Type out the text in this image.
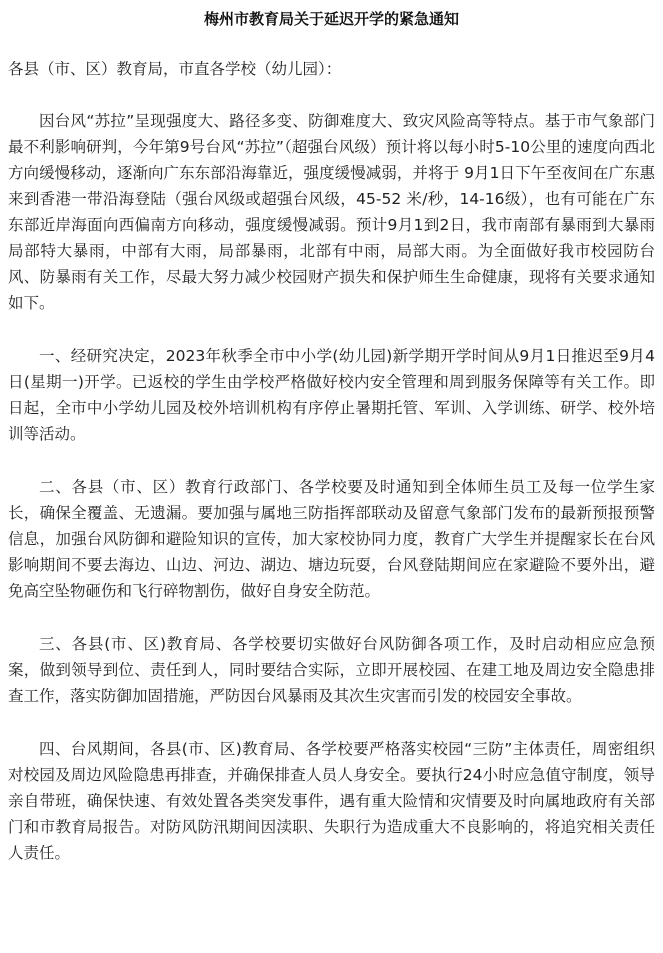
梅州市教育局关于延迟开学的紧急通知

各县（市、区）教育局，市直各学校（幼儿园）：

因台风“苏拉”呈现强度大、路径多变、防御难度大、致灾风险高等特点。基于市气象部门最不利影响研判，今年第9号台风“苏拉”（超强台风级）预计将以每小时5-10公里的速度向西北方向缓慢移动，逐渐向广东东部沿海靠近，强度缓慢减弱，并将于 9月1日下午至夜间在广东惠来到香港一带沿海登陆（强台风级或超强台风级，45-52 米/秒，14-16级），也有可能在广东东部近岸海面向西偏南方向移动，强度缓慢减弱。预计9月1到2日，我市南部有暴雨到大暴雨局部特大暴雨，中部有大雨，局部暴雨，北部有中雨，局部大雨。为全面做好我市校园防台风、防暴雨有关工作，尽最大努力减少校园财产损失和保护师生生命健康，现将有关要求通知如下。

一、经研究决定，2023年秋季全市中小学(幼儿园)新学期开学时间从9月1日推迟至9月4日(星期一)开学。已返校的学生由学校严格做好校内安全管理和周到服务保障等有关工作。即日起，全市中小学幼儿园及校外培训机构有序停止暑期托管、军训、入学训练、研学、校外培训等活动。

二、各县（市、区）教育行政部门、各学校要及时通知到全体师生员工及每一位学生家长，确保全覆盖、无遗漏。要加强与属地三防指挥部联动及留意气象部门发布的最新预报预警信息，加强台风防御和避险知识的宣传，加大家校协同力度，教育广大学生并提醒家长在台风影响期间不要去海边、山边、河边、湖边、塘边玩耍，台风登陆期间应在家避险不要外出，避免高空坠物砸伤和飞行碎物割伤，做好自身安全防范。

三、各县(市、区)教育局、各学校要切实做好台风防御各项工作，及时启动相应应急预案，做到领导到位、责任到人，同时要结合实际，立即开展校园、在建工地及周边安全隐患排查工作，落实防御加固措施，严防因台风暴雨及其次生灾害而引发的校园安全事故。

四、台风期间，各县(市、区)教育局、各学校要严格落实校园“三防”主体责任，周密组织对校园及周边风险隐患再排查，并确保排查人员人身安全。要执行24小时应急值守制度，领导亲自带班，确保快速、有效处置各类突发事件，遇有重大险情和灾情要及时向属地政府有关部门和市教育局报告。对防风防汛期间因渎职、失职行为造成重大不良影响的，将追究相关责任人责任。
